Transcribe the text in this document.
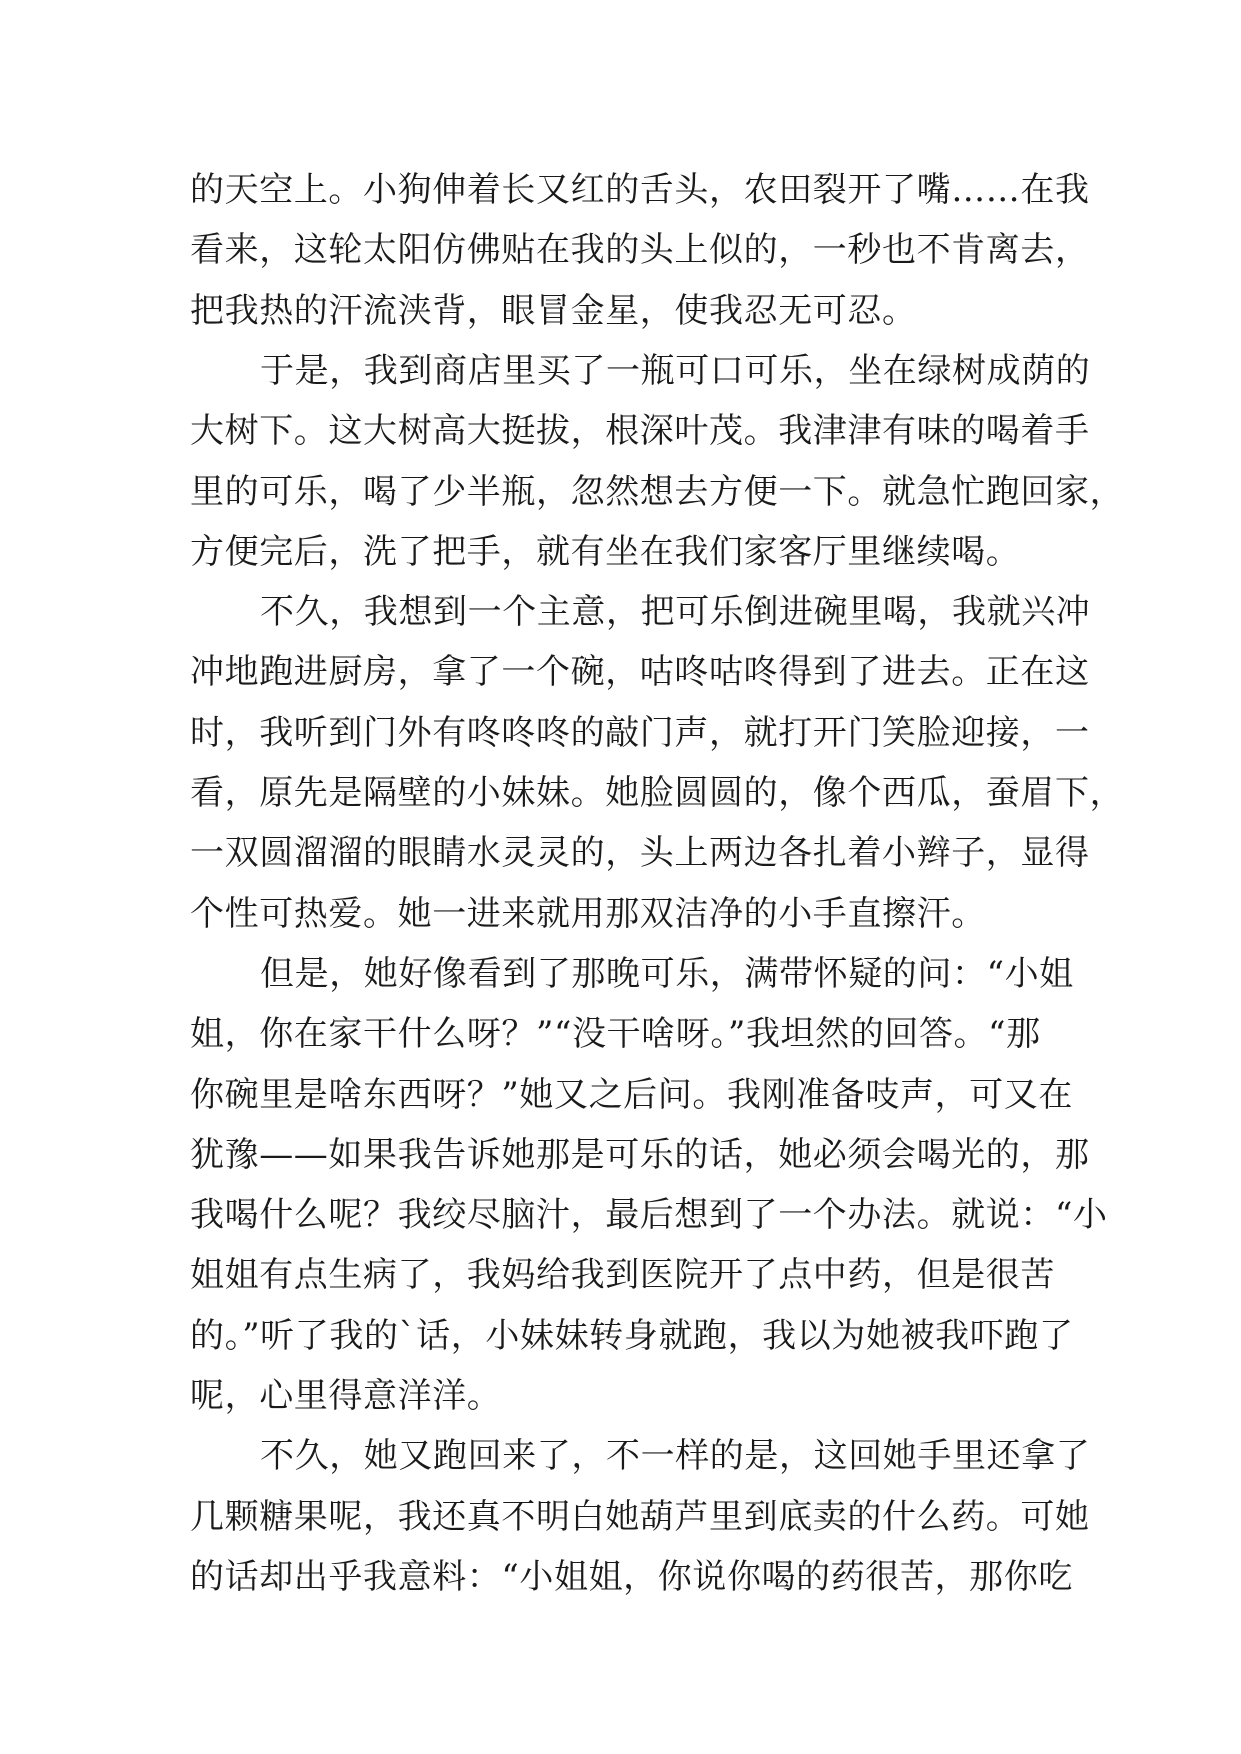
的天空上。小狗伸着长又红的舌头，农田裂开了嘴……在我
看来，这轮太阳仿佛贴在我的头上似的，一秒也不肯离去，
把我热的汗流浃背，眼冒金星，使我忍无可忍。
于是，我到商店里买了一瓶可口可乐，坐在绿树成荫的
大树下。这大树高大挺拔，根深叶茂。我津津有味的喝着手
里的可乐，喝了少半瓶，忽然想去方便一下。就急忙跑回家，
方便完后，洗了把手，就有坐在我们家客厅里继续喝。
不久，我想到一个主意，把可乐倒进碗里喝，我就兴冲
冲地跑进厨房，拿了一个碗，咕咚咕咚得到了进去。正在这
时，我听到门外有咚咚咚的敲门声，就打开门笑脸迎接，一
看，原先是隔壁的小妹妹。她脸圆圆的，像个西瓜，蚕眉下，
一双圆溜溜的眼睛水灵灵的，头上两边各扎着小辫子，显得
个性可热爱。她一进来就用那双洁净的小手直擦汗。
但是，她好像看到了那晚可乐，满带怀疑的问：“小姐
姐，你在家干什么呀？”“没干啥呀。”我坦然的回答。“那
你碗里是啥东西呀？”她又之后问。我刚准备吱声，可又在
犹豫——如果我告诉她那是可乐的话，她必须会喝光的，那
我喝什么呢？我绞尽脑汁，最后想到了一个办法。就说：“小
姐姐有点生病了，我妈给我到医院开了点中药，但是很苦
的。”听了我的`话，小妹妹转身就跑，我以为她被我吓跑了
呢，心里得意洋洋。
不久，她又跑回来了，不一样的是，这回她手里还拿了
几颗糖果呢，我还真不明白她葫芦里到底卖的什么药。可她
的话却出乎我意料：“小姐姐，你说你喝的药很苦，那你吃
